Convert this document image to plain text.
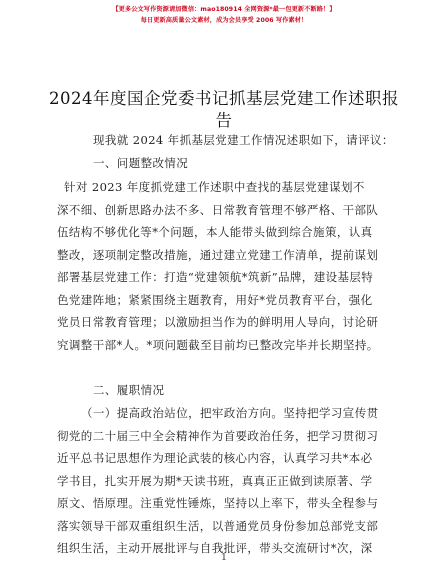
【更多公文写作资源请加微信：mao180914 全网资源*最一包更新不断路！】
每日更新高质量公文素材，成为会员享受 2006 写作素材！
2024年度国企党委书记抓基层党建工作述职报
告
现我就 2024 年抓基层党建工作情况述职如下，请评议：
一、问题整改情况
针对 2023 年度抓党建工作述职中查找的基层党建谋划不
深不细、创新思路办法不多、日常教育管理不够严格、干部队
伍结构不够优化等*个问题，本人能带头做到综合施策，认真
整改，逐项制定整改措施，通过建立党建工作清单，提前谋划
部署基层党建工作：打造“党建领航*筑新”品牌，建设基层特
色党建阵地；紧紧围绕主题教育，用好*党员教育平台，强化
党员日常教育管理；以激励担当作为的鲜明用人导向，讨论研
究调整干部*人。*项问题截至目前均已整改完毕并长期坚持。
二、履职情况
（一）提高政治站位，把牢政治方向。坚持把学习宣传贯
彻党的二十届三中全会精神作为首要政治任务，把学习贯彻习
近平总书记思想作为理论武装的核心内容，认真学习共*本必
学书目，扎实开展为期*天读书班，真真正正做到读原著、学
原文、悟原理。注重党性锤炼，坚持以上率下，带头全程参与
落实领导干部双重组织生活，以普通党员身份参加总部党支部
组织生活，主动开展批评与自我批评，带头交流研讨*次，深
1
